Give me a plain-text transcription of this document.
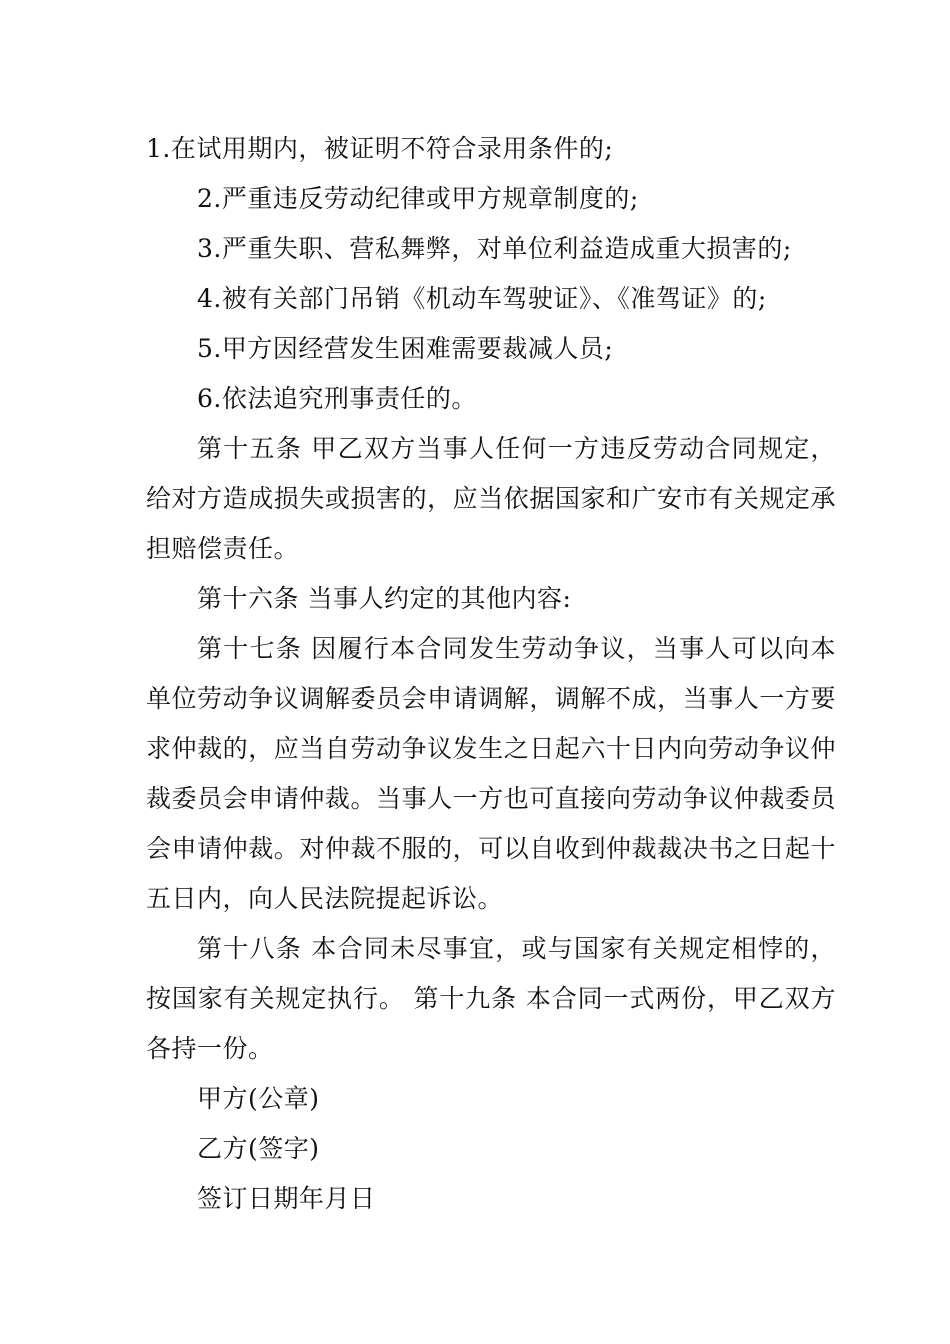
1.在试用期内，被证明不符合录用条件的;

2.严重违反劳动纪律或甲方规章制度的;

3.严重失职、营私舞弊，对单位利益造成重大损害的;

4.被有关部门吊销《机动车驾驶证》、《准驾证》的;

5.甲方因经营发生困难需要裁减人员;

6.依法追究刑事责任的。

第十五条 甲乙双方当事人任何一方违反劳动合同规定，给对方造成损失或损害的，应当依据国家和广安市有关规定承担赔偿责任。

第十六条 当事人约定的其他内容:

第十七条 因履行本合同发生劳动争议，当事人可以向本单位劳动争议调解委员会申请调解，调解不成，当事人一方要求仲裁的，应当自劳动争议发生之日起六十日内向劳动争议仲裁委员会申请仲裁。当事人一方也可直接向劳动争议仲裁委员会申请仲裁。对仲裁不服的，可以自收到仲裁裁决书之日起十五日内，向人民法院提起诉讼。

第十八条 本合同未尽事宜，或与国家有关规定相悖的，按国家有关规定执行。 第十九条 本合同一式两份，甲乙双方各持一份。

甲方(公章)

乙方(签字)

签订日期年月日
